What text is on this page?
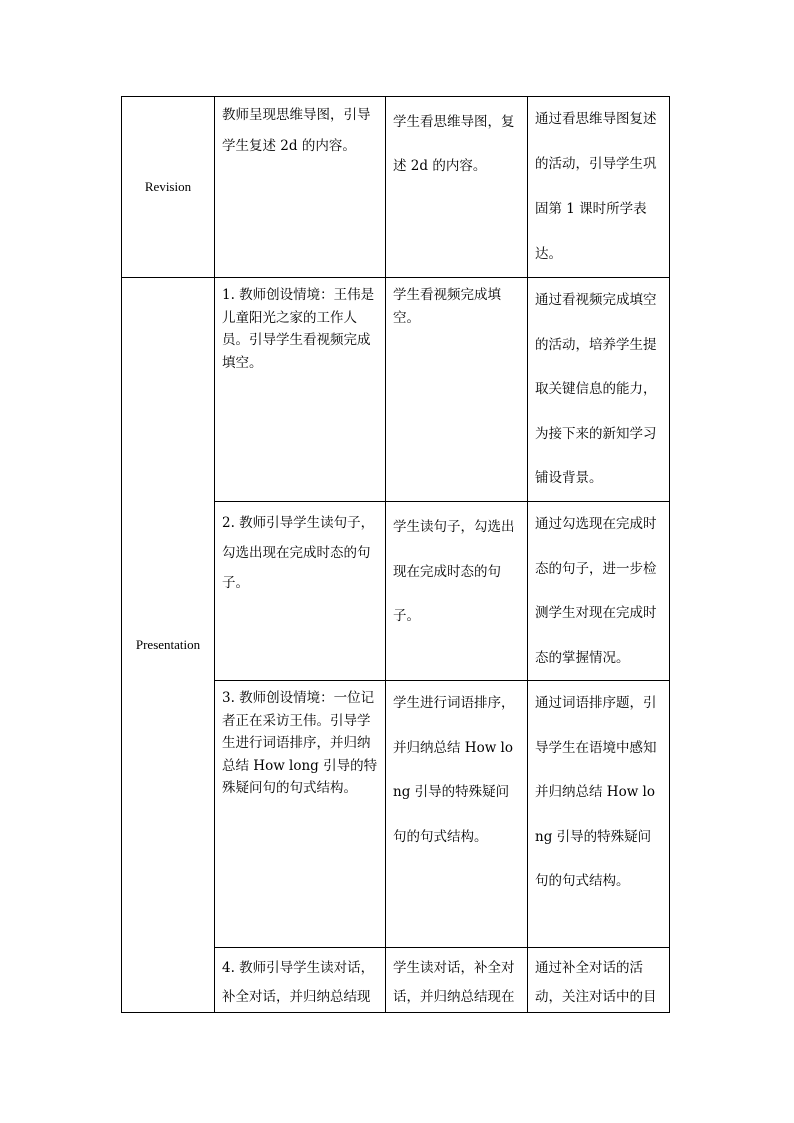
Revision	教师呈现思维导图，引导学生复述 2d 的内容。	学生看思维导图，复述 2d 的内容。	通过看思维导图复述的活动，引导学生巩固第 1 课时所学表达。

Presentation	1. 教师创设情境：王伟是儿童阳光之家的工作人员。引导学生看视频完成填空。	学生看视频完成填空。	通过看视频完成填空的活动，培养学生提取关键信息的能力，为接下来的新知学习铺设背景。

	2. 教师引导学生读句子，勾选出现在完成时态的句子。	学生读句子，勾选出现在完成时态的句子。	通过勾选现在完成时态的句子，进一步检测学生对现在完成时态的掌握情况。

	3. 教师创设情境：一位记者正在采访王伟。引导学生进行词语排序，并归纳总结 How long 引导的特殊疑问句的句式结构。	学生进行词语排序，并归纳总结 How long 引导的特殊疑问句的句式结构。	通过词语排序题，引导学生在语境中感知并归纳总结 How long 引导的特殊疑问句的句式结构。

	4. 教师引导学生读对话，补全对话，并归纳总结现	学生读对话，补全对话，并归纳总结现在	通过补全对话的活动，关注对话中的目
